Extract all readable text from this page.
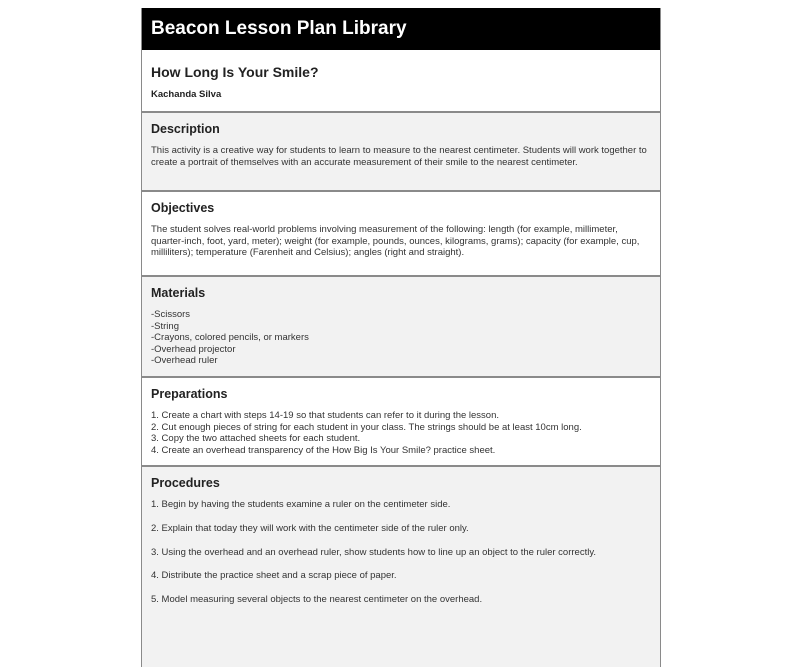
Beacon Lesson Plan Library
How Long Is Your Smile?

Kachanda Silva

Description

This activity is a creative way for students to learn to measure to the nearest centimeter. Students will work together to create a portrait of themselves with an accurate measurement of their smile to the nearest centimeter.

Objectives

The student solves real-world problems involving measurement of the following: length (for example, millimeter, quarter-inch, foot, yard, meter); weight (for example, pounds, ounces, kilograms, grams); capacity (for example, cup, milliliters); temperature (Farenheit and Celsius); angles (right and straight).

Materials
-Scissors
-String
-Crayons, colored pencils, or markers
-Overhead projector
-Overhead ruler
Preparations
1. Create a chart with steps 14-19 so that students can refer to it during the lesson.
2. Cut enough pieces of string for each student in your class. The strings should be at least 10cm long.
3. Copy the two attached sheets for each student.
4. Create an overhead transparency of the How Big Is Your Smile? practice sheet.
Procedures
1. Begin by having the students examine a ruler on the centimeter side.
2. Explain that today they will work with the centimeter side of the ruler only.
3. Using the overhead and an overhead ruler, show students how to line up an object to the ruler correctly.
4. Distribute the practice sheet and a scrap piece of paper.
5. Model measuring several objects to the nearest centimeter on the overhead.
